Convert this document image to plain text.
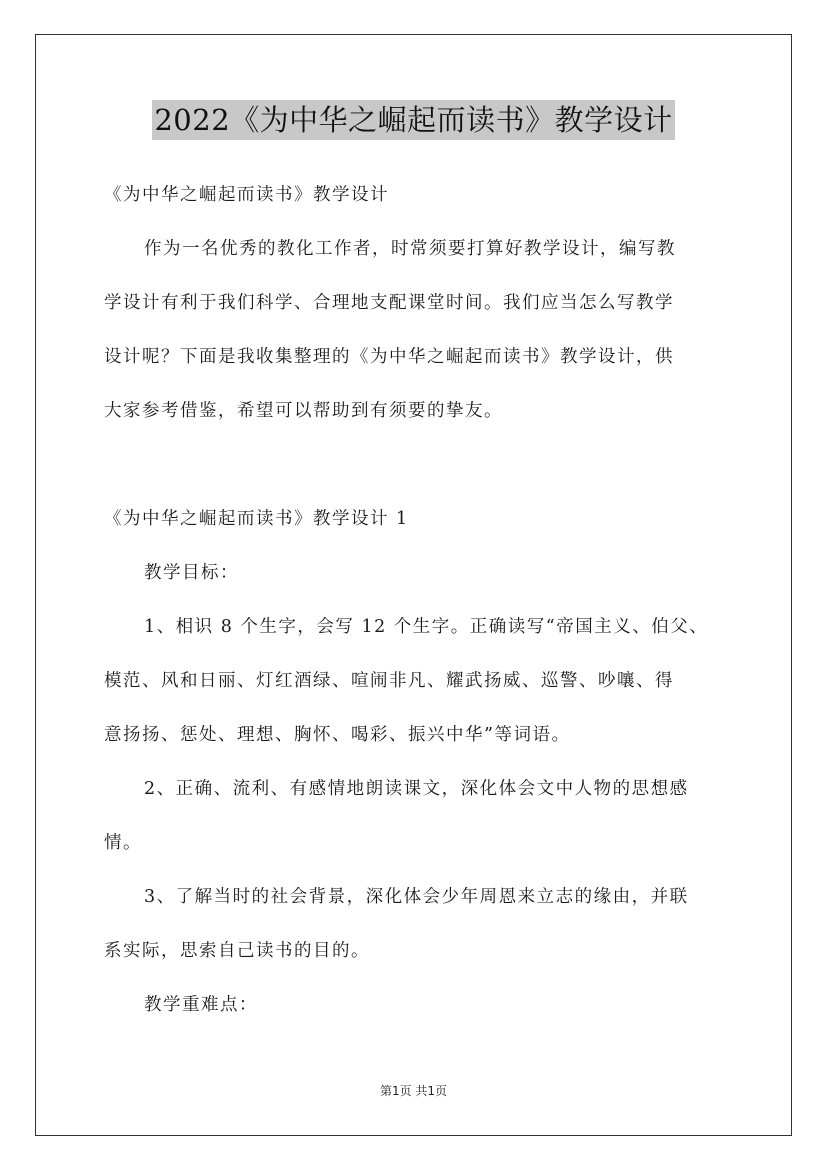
2022《为中华之崛起而读书》教学设计
《为中华之崛起而读书》教学设计
作为一名优秀的教化工作者，时常须要打算好教学设计，编写教
学设计有利于我们科学、合理地支配课堂时间。我们应当怎么写教学
设计呢？下面是我收集整理的《为中华之崛起而读书》教学设计，供
大家参考借鉴，希望可以帮助到有须要的挚友。
《为中华之崛起而读书》教学设计 1
教学目标：
1、相识 8 个生字，会写 12 个生字。正确读写“帝国主义、伯父、
模范、风和日丽、灯红酒绿、喧闹非凡、耀武扬威、巡警、吵嚷、得
意扬扬、惩处、理想、胸怀、喝彩、振兴中华”等词语。
2、正确、流利、有感情地朗读课文，深化体会文中人物的思想感
情。
3、了解当时的社会背景，深化体会少年周恩来立志的缘由，并联
系实际，思索自己读书的目的。
教学重难点：
第1页 共1页
